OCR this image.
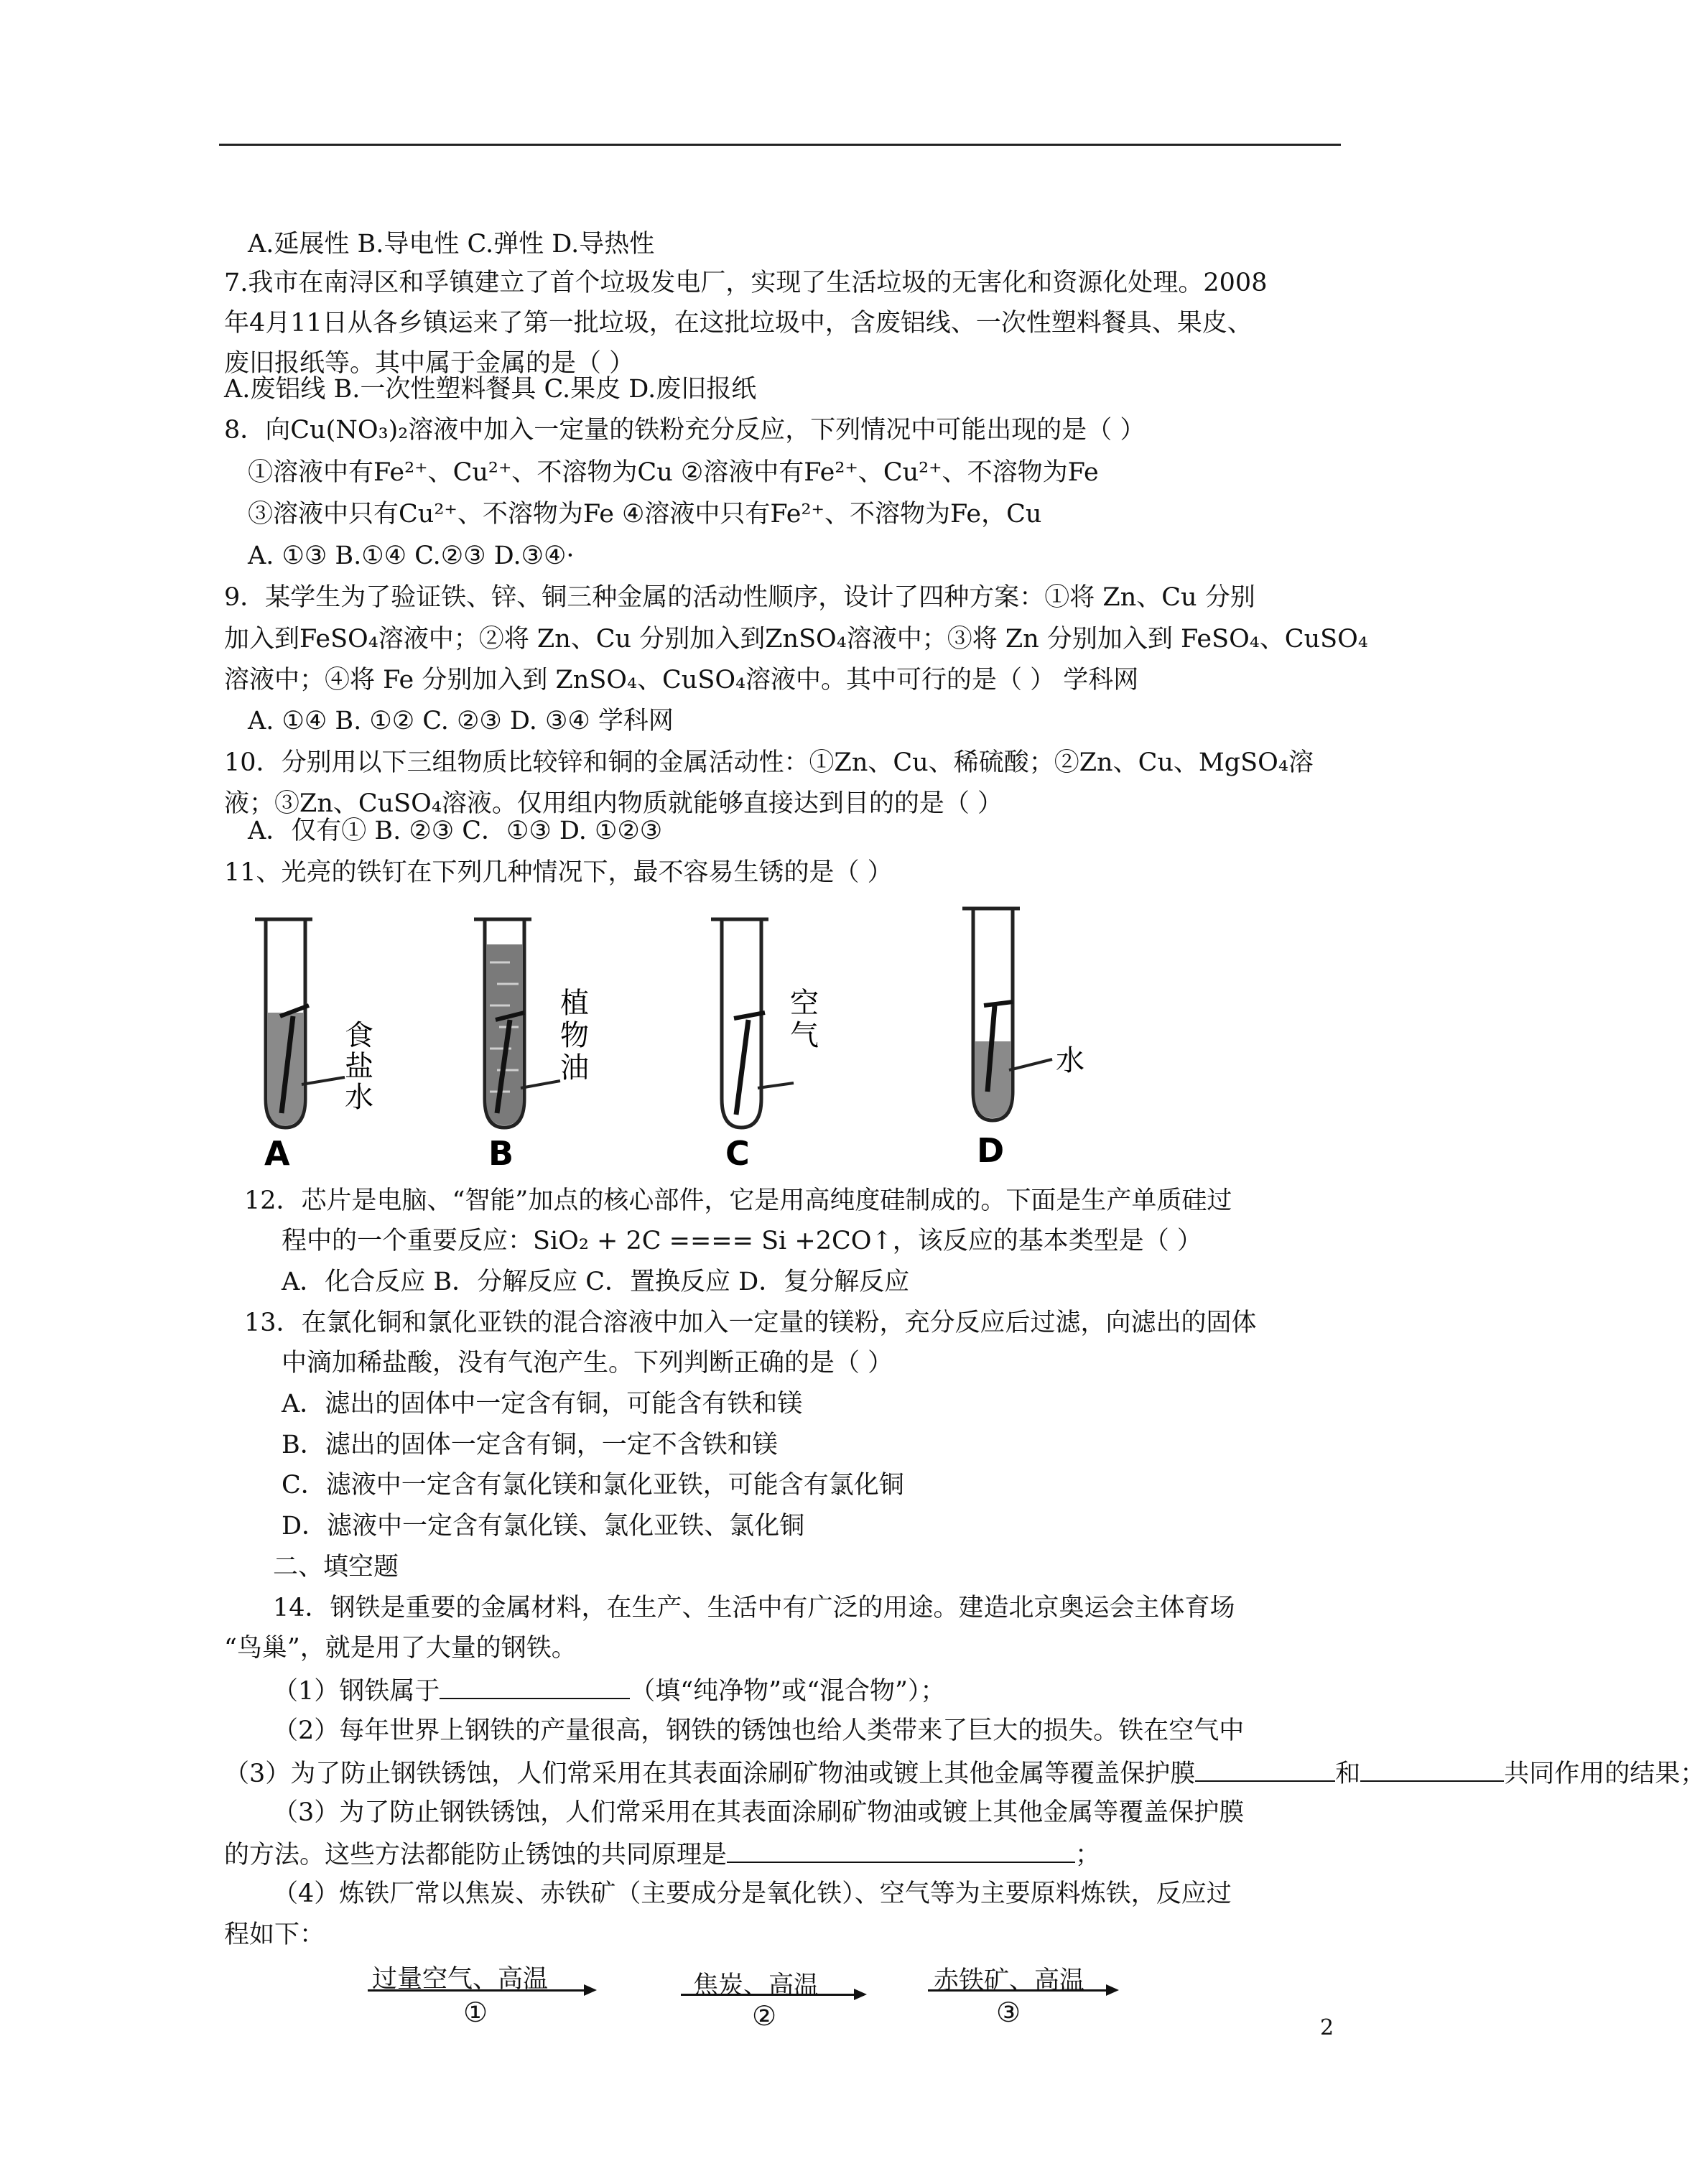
A.延展性 B.导电性 C.弹性 D.导热性
7.我市在南浔区和孚镇建立了首个垃圾发电厂，实现了生活垃圾的无害化和资源化处理。2008
年4月11日从各乡镇运来了第一批垃圾，在这批垃圾中，含废铝线、一次性塑料餐具、果皮、
废旧报纸等。其中属于金属的是（ ）
A.废铝线 B.一次性塑料餐具 C.果皮 D.废旧报纸
8．向Cu(NO₃)₂溶液中加入一定量的铁粉充分反应，下列情况中可能出现的是（ ）
①溶液中有Fe²⁺、Cu²⁺、不溶物为Cu ②溶液中有Fe²⁺、Cu²⁺、不溶物为Fe
③溶液中只有Cu²⁺、不溶物为Fe ④溶液中只有Fe²⁺、不溶物为Fe，Cu
A. ①③ B.①④ C.②③ D.③④·
9．某学生为了验证铁、锌、铜三种金属的活动性顺序，设计了四种方案：①将 Zn、Cu 分别
加入到FeSO₄溶液中；②将 Zn、Cu 分别加入到ZnSO₄溶液中；③将 Zn 分别加入到 FeSO₄、CuSO₄
溶液中；④将 Fe 分别加入到 ZnSO₄、CuSO₄溶液中。其中可行的是（ ） 学科网
A. ①④ B. ①② C. ②③ D. ③④ 学科网
10．分别用以下三组物质比较锌和铜的金属活动性：①Zn、Cu、稀硫酸；②Zn、Cu、MgSO₄溶
液；③Zn、CuSO₄溶液。仅用组内物质就能够直接达到目的的是（ ）
A．仅有① B. ②③ C．①③ D. ①②③
11、光亮的铁钉在下列几种情况下，最不容易生锈的是（ ）
12．芯片是电脑、“智能”加点的核心部件，它是用高纯度硅制成的。下面是生产单质硅过
程中的一个重要反应：SiO₂ + 2C ==== Si +2CO↑，该反应的基本类型是（ ）
A．化合反应 B．分解反应 C．置换反应 D．复分解反应
13．在氯化铜和氯化亚铁的混合溶液中加入一定量的镁粉，充分反应后过滤，向滤出的固体
中滴加稀盐酸，没有气泡产生。下列判断正确的是（ ）
A．滤出的固体中一定含有铜，可能含有铁和镁
B．滤出的固体一定含有铜，一定不含铁和镁
C．滤液中一定含有氯化镁和氯化亚铁，可能含有氯化铜
D．滤液中一定含有氯化镁、氯化亚铁、氯化铜
二、填空题
14．钢铁是重要的金属材料，在生产、生活中有广泛的用途。建造北京奥运会主体育场
“鸟巢”，就是用了大量的钢铁。
（3）为了防止钢铁锈蚀，人们常采用在其表面涂刷矿物油或镀上其他金属等覆盖保护膜
（4）炼铁厂常以焦炭、赤铁矿（主要成分是氧化铁）、空气等为主要原料炼铁，反应过
程如下：
（1）钢铁属于	（填“纯净物”或“混合物”）；
（2）每年世界上钢铁的产量很高，钢铁的锈蚀也给人类带来了巨大的损失。铁在空气中
（3）为了防止钢铁锈蚀，人们常采用在其表面涂刷矿物油或镀上其他金属等覆盖保护膜	和	共同作用的结果；
的方法。这些方法都能防止锈蚀的共同原理是	；
食
盐
水
A
植
物
油
B
空
气
C
水
D
过量空气、高温
①
焦炭、高温
②
赤铁矿、高温
③	2
